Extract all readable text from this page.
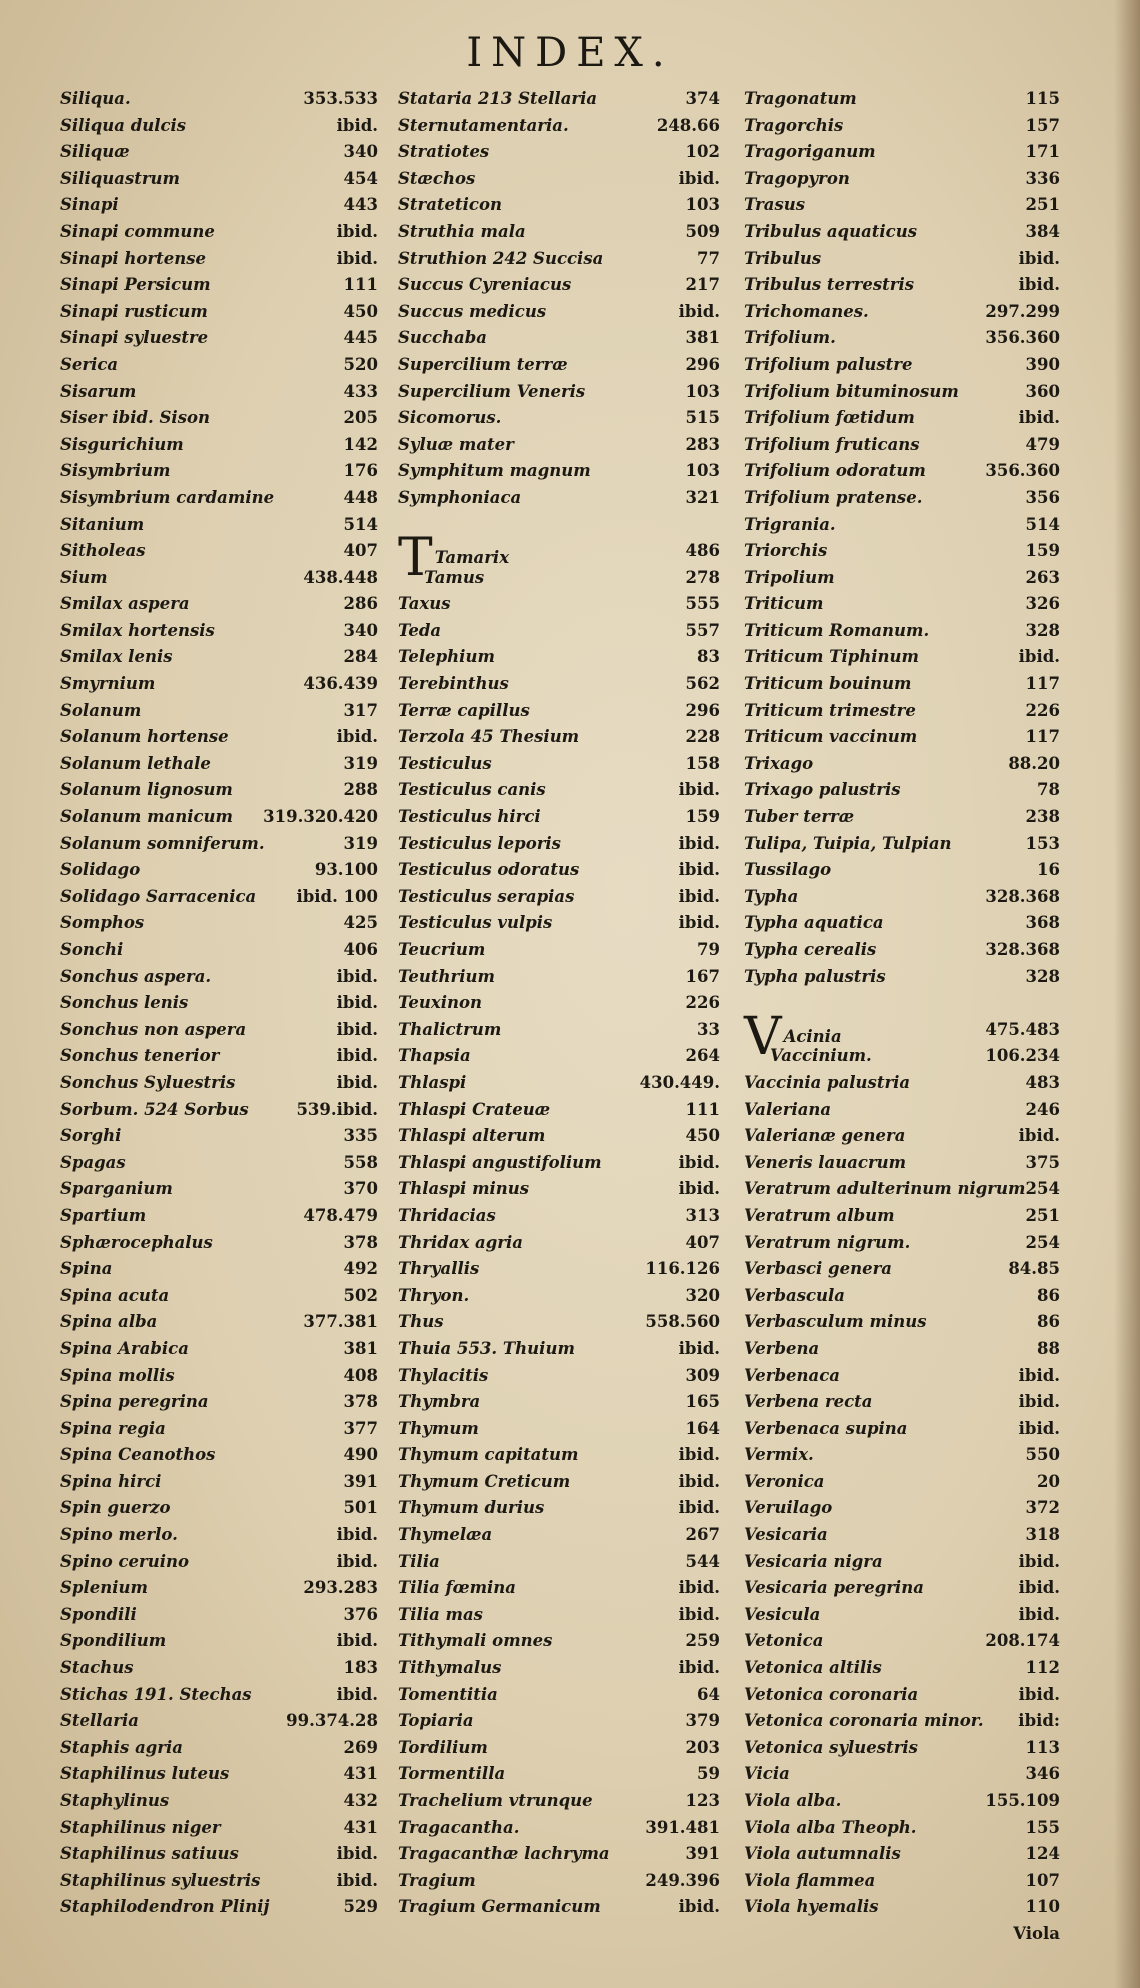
INDEX.
Siliqua.	353.533
Siliqua dulcis	ibid.
Siliquæ	340
Siliquastrum	454
Sinapi	443
Sinapi commune	ibid.
Sinapi hortense	ibid.
Sinapi Persicum	111
Sinapi rusticum	450
Sinapi syluestre	445
Serica	520
Sisarum	433
Siser ibid. Sison	205
Sisgurichium	142
Sisymbrium	176
Sisymbrium cardamine	448
Sitanium	514
Sitholeas	407
Sium	438.448
Smilax aspera	286
Smilax hortensis	340
Smilax lenis	284
Smyrnium	436.439
Solanum	317
Solanum hortense	ibid.
Solanum lethale	319
Solanum lignosum	288
Solanum manicum 319.320.420
Solanum somniferum.	319
Solidago	93.100
Solidago Sarracenica ibid. 100
Somphos	425
Sonchi	406
Sonchus aspera.	ibid.
Sonchus lenis	ibid.
Sonchus non aspera	ibid.
Sonchus tenerior	ibid.
Sonchus Syluestris	ibid.
Sorbum. 524 Sorbus	539.ibid.
Sorghi	335
Spagas	558
Sparganium	370
Spartium	478.479
Sphærocephalus	378
Spina	492
Spina acuta	502
Spina alba	377.381
Spina Arabica	381
Spina mollis	408
Spina peregrina	378
Spina regia	377
Spina Ceanothos	490
Spina hirci	391
Spin guerzo	501
Spino merlo.	ibid.
Spino ceruino	ibid.
Splenium	293.283
Spondili	376
Spondilium	ibid.
Stachus	183
Stichas 191. Stechas	ibid.
Stellaria	99.374.28
Staphis agria	269
Staphilinus luteus	431
Staphylinus	432
Staphilinus niger	431
Staphilinus satiuus	ibid.
Staphilinus syluestris	ibid.
Staphilodendron Plinij	529
Stataria 213 Stellaria	374
Sternutamentaria.	248.66
Stratiotes	102
Stæchos	ibid.
Strateticon	103
Struthia mala	509
Struthion 242 Succisa	77
Succus Cyreniacus	217
Succus medicus	ibid.
Succhaba	381
Supercilium terræ	296
Supercilium Veneris	103
Sicomorus.	515
Syluæ mater	283
Symphitum magnum	103
Symphoniaca	321
T Tamarix	486
Tamus	278
Taxus	555
Teda	557
Telephium	83
Terebinthus	562
Terræ capillus	296
Terzola 45 Thesium	228
Testiculus	158
Testiculus canis	ibid.
Testiculus hirci	159
Testiculus leporis	ibid.
Testiculus odoratus	ibid.
Testiculus serapias	ibid.
Testiculus vulpis	ibid.
Teucrium	79
Teuthrium	167
Teuxinon	226
Thalictrum	33
Thapsia	264
Thlaspi	430.449.
Thlaspi Crateuæ	111
Thlaspi alterum	450
Thlaspi angustifolium	ibid.
Thlaspi minus	ibid.
Thridacias	313
Thridax agria	407
Thryallis	116.126
Thryon.	320
Thus	558.560
Thuia 553. Thuium	ibid.
Thylacitis	309
Thymbra	165
Thymum	164
Thymum capitatum	ibid.
Thymum Creticum	ibid.
Thymum durius	ibid.
Thymelæa	267
Tilia	544
Tilia fœmina	ibid.
Tilia mas	ibid.
Tithymali omnes	259
Tithymalus	ibid.
Tomentitia	64
Topiaria	379
Tordilium	203
Tormentilla	59
Trachelium vtrunque	123
Tragacantha.	391.481
Tragacanthæ lachryma	391
Tragium	249.396
Tragium Germanicum	ibid.
Tragonatum	115
Tragorchis	157
Tragoriganum	171
Tragopyron	336
Trasus	251
Tribulus aquaticus	384
Tribulus	ibid.
Tribulus terrestris	ibid.
Trichomanes.	297.299
Trifolium.	356.360
Trifolium palustre	390
Trifolium bituminosum	360
Trifolium fœtidum	ibid.
Trifolium fruticans	479
Trifolium odoratum	356.360
Trifolium pratense.	356
Trigrania.	514
Triorchis	159
Tripolium	263
Triticum	326
Triticum Romanum.	328
Triticum Tiphinum	ibid.
Triticum bouinum	117
Triticum trimestre	226
Triticum vaccinum	117
Trixago	88.20
Trixago palustris	78
Tuber terræ	238
Tulipa, Tuipia, Tulpian	153
Tussilago	16
Typha	328.368
Typha aquatica	368
Typha cerealis	328.368
Typha palustris	328
V Acinia	475.483
Vaccinium.	106.234
Vaccinia palustria	483
Valeriana	246
Valerianæ genera	ibid.
Veneris lauacrum	375
Veratrum adulterinum nigrum 254
Veratrum album	251
Veratrum nigrum.	254
Verbasci genera	84.85
Verbascula	86
Verbasculum minus	86
Verbena	88
Verbenaca	ibid.
Verbena recta	ibid.
Verbenaca supina	ibid.
Vermix.	550
Veronica	20
Veruilago	372
Vesicaria	318
Vesicaria nigra	ibid.
Vesicaria peregrina	ibid.
Vesicula	ibid.
Vetonica	208.174
Vetonica altilis	112
Vetonica coronaria	ibid.
Vetonica coronaria minor. ibid:
Vetonica syluestris	113
Vicia	346
Viola alba.	155.109
Viola alba Theoph.	155
Viola autumnalis	124
Viola flammea	107
Viola hyemalis	110
Viola
